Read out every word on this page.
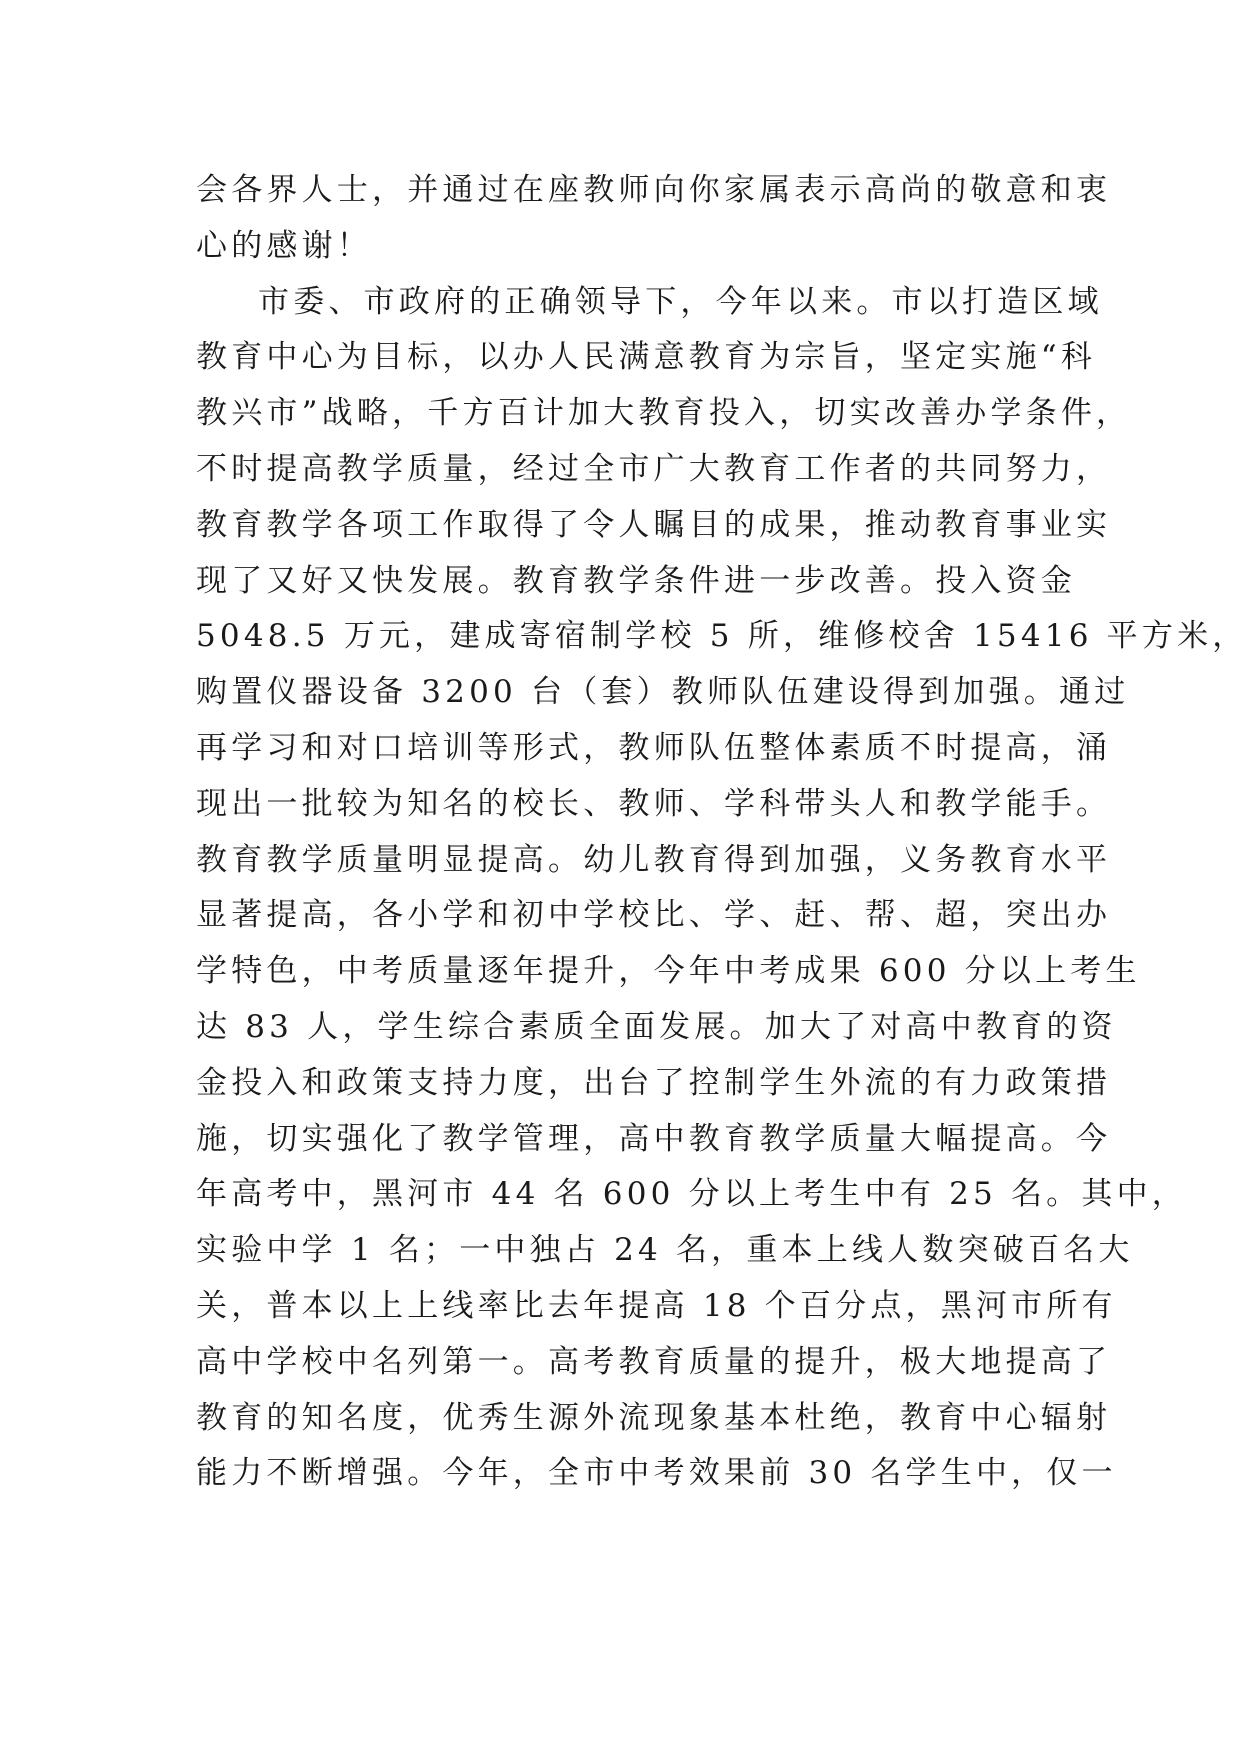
会各界人士，并通过在座教师向你家属表示高尚的敬意和衷
心的感谢！
市委、市政府的正确领导下，今年以来。市以打造区域
教育中心为目标，以办人民满意教育为宗旨，坚定实施“科
教兴市”战略，千方百计加大教育投入，切实改善办学条件，
不时提高教学质量，经过全市广大教育工作者的共同努力，
教育教学各项工作取得了令人瞩目的成果，推动教育事业实
现了又好又快发展。教育教学条件进一步改善。投入资金
5048.5 万元，建成寄宿制学校 5 所，维修校舍 15416 平方米，
购置仪器设备 3200 台（套）教师队伍建设得到加强。通过
再学习和对口培训等形式，教师队伍整体素质不时提高，涌
现出一批较为知名的校长、教师、学科带头人和教学能手。
教育教学质量明显提高。幼儿教育得到加强，义务教育水平
显著提高，各小学和初中学校比、学、赶、帮、超，突出办
学特色，中考质量逐年提升，今年中考成果 600 分以上考生
达 83 人，学生综合素质全面发展。加大了对高中教育的资
金投入和政策支持力度，出台了控制学生外流的有力政策措
施，切实强化了教学管理，高中教育教学质量大幅提高。今
年高考中，黑河市 44 名 600 分以上考生中有 25 名。其中，
实验中学 1 名；一中独占 24 名，重本上线人数突破百名大
关，普本以上上线率比去年提高 18 个百分点，黑河市所有
高中学校中名列第一。高考教育质量的提升，极大地提高了
教育的知名度，优秀生源外流现象基本杜绝，教育中心辐射
能力不断增强。今年，全市中考效果前 30 名学生中，仅一
